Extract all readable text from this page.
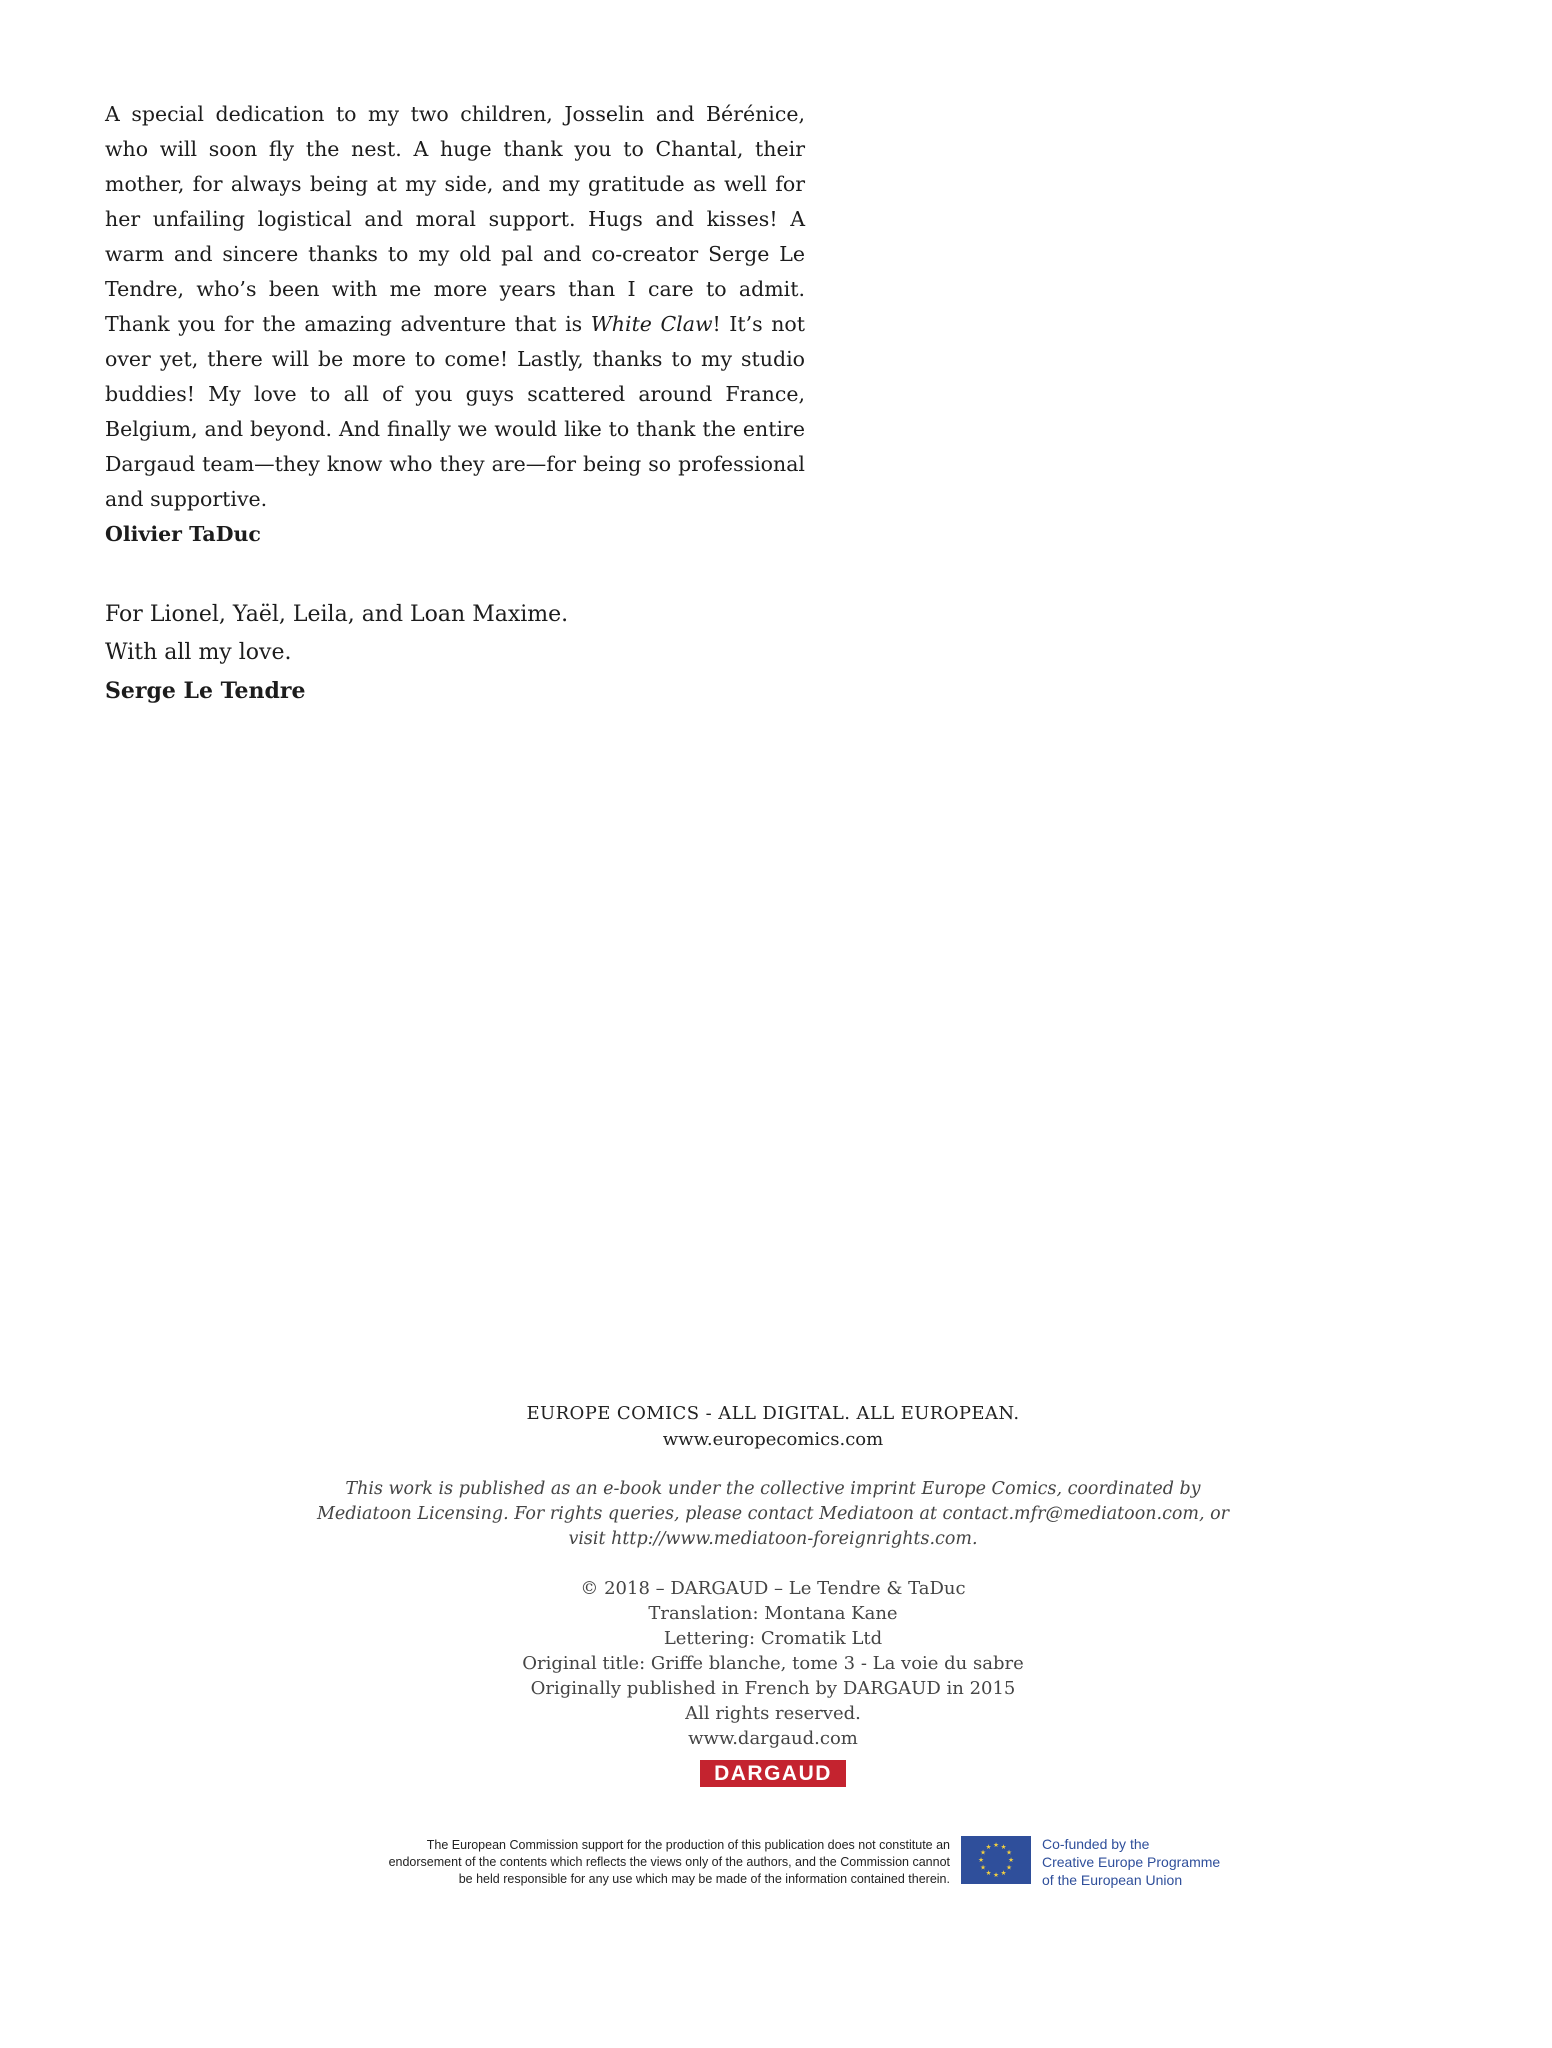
A special dedication to my two children, Josselin and Bérénice, who will soon fly the nest. A huge thank you to Chantal, their mother, for always being at my side, and my gratitude as well for her unfailing logistical and moral support. Hugs and kisses! A warm and sincere thanks to my old pal and co-creator Serge Le Tendre, who’s been with me more years than I care to admit. Thank you for the amazing adventure that is White Claw! It’s not over yet, there will be more to come! Lastly, thanks to my studio buddies! My love to all of you guys scattered around France, Belgium, and beyond. And finally we would like to thank the entire Dargaud team—they know who they are—for being so professional and supportive.

Olivier TaDuc

For Lionel, Yaël, Leila, and Loan Maxime.
With all my love.
Serge Le Tendre
EUROPE COMICS - ALL DIGITAL. ALL EUROPEAN.
www.europecomics.com
This work is published as an e-book under the collective imprint Europe Comics, coordinated by Mediatoon Licensing. For rights queries, please contact Mediatoon at contact.mfr@mediatoon.com, or visit http://www.mediatoon-foreignrights.com.
© 2018 – DARGAUD – Le Tendre & TaDuc
Translation: Montana Kane
Lettering: Cromatik Ltd
Original title: Griffe blanche, tome 3 - La voie du sabre
Originally published in French by DARGAUD in 2015
All rights reserved.
www.dargaud.com
DARGAUD
The European Commission support for the production of this publication does not constitute an
endorsement of the contents which reflects the views only of the authors, and the Commission cannot
be held responsible for any use which may be made of the information contained therein.
★ ★
★
★
★
★
★
★
★
★
★
★	Co-funded by the
Creative Europe Programme
of the European Union
